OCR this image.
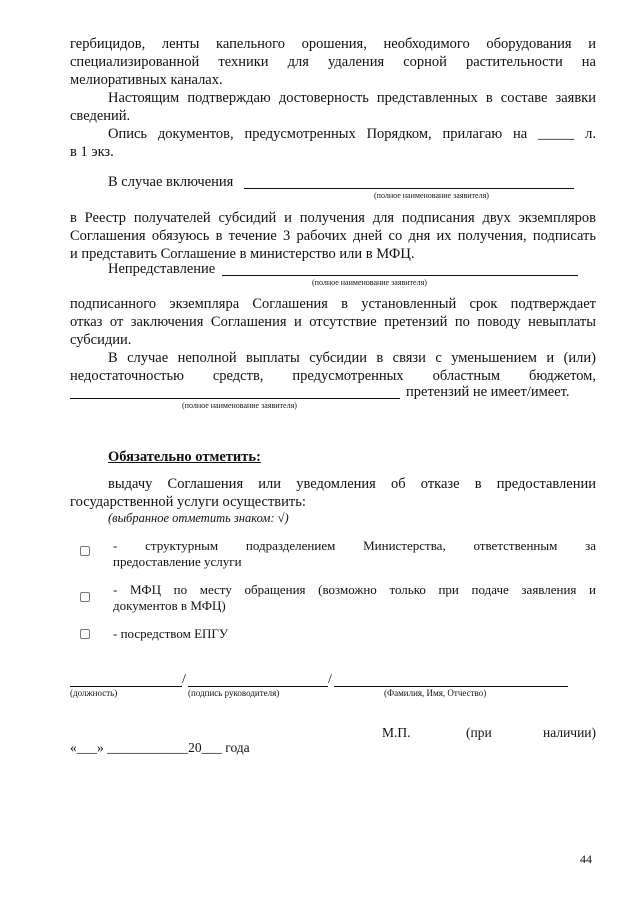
гербицидов, ленты капельного орошения, необходимого оборудования и

специализированной техники для удаления сорной растительности на

мелиоративных каналах.

Настоящим подтверждаю достоверность представленных в составе заявки

сведений.

Опись документов, предусмотренных Порядком, прилагаю на _____ л.

в 1 экз.

В случае включения
(полное наименование заявителя)

в Реестр получателей субсидий и получения для подписания двух экземпляров

Соглашения обязуюсь в течение 3 рабочих дней со дня их получения, подписать

и представить Соглашение в министерство или в МФЦ.

Непредставление
(полное наименование заявителя)

подписанного экземпляра Соглашения в установленный срок подтверждает

отказ от заключения Соглашения и отсутствие претензий по поводу невыплаты

субсидии.

В случае неполной выплаты субсидии в связи с уменьшением и (или)

недостаточностью средств, предусмотренных областным бюджетом,

претензий не имеет/имеет.
(полное наименование заявителя)
Обязательно отметить:

выдачу Соглашения или уведомления об отказе в предоставлении

государственной услуги осуществить:

(выбранное отметить знаком: √)
- структурным подразделением Министерства, ответственным за
предоставление услуги
- МФЦ по месту обращения (возможно только при подаче заявления и
документов в МФЦ)
- посредством ЕПГУ
/	/
(должность)	(подпись руководителя)	(Фамилия, Имя, Отчество)
М.П.	(при	наличии)
«___» ____________20___ года
44
